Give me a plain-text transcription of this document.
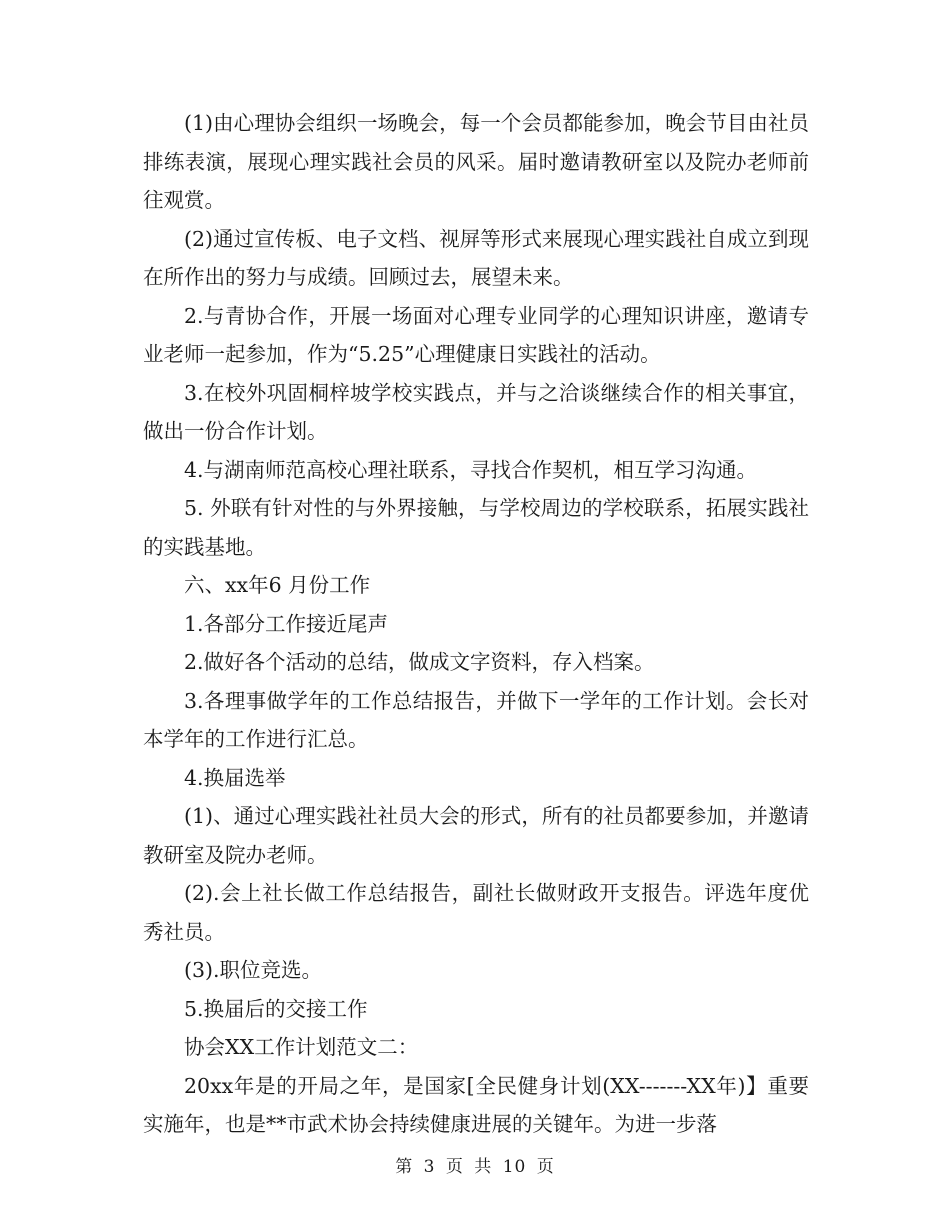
(1)由心理协会组织一场晚会，每一个会员都能参加，晚会节目由社员排练表演，展现心理实践社会员的风采。届时邀请教研室以及院办老师前往观赏。

(2)通过宣传板、电子文档、视屏等形式来展现心理实践社自成立到现在所作出的努力与成绩。回顾过去，展望未来。

2.与青协合作，开展一场面对心理专业同学的心理知识讲座，邀请专业老师一起参加，作为“5.25”心理健康日实践社的活动。

3.在校外巩固桐梓坡学校实践点，并与之洽谈继续合作的相关事宜，做出一份合作计划。

4.与湖南师范高校心理社联系，寻找合作契机，相互学习沟通。

5. 外联有针对性的与外界接触，与学校周边的学校联系，拓展实践社的实践基地。

六、xx年6 月份工作

1.各部分工作接近尾声

2.做好各个活动的总结，做成文字资料，存入档案。

3.各理事做学年的工作总结报告，并做下一学年的工作计划。会长对本学年的工作进行汇总。

4.换届选举

(1)、通过心理实践社社员大会的形式，所有的社员都要参加，并邀请教研室及院办老师。

(2).会上社长做工作总结报告，副社长做财政开支报告。评选年度优秀社员。

(3).职位竞选。

5.换届后的交接工作

协会XX工作计划范文二：

20xx年是的开局之年，是国家[全民健身计划(XX-------XX年)】重要实施年，也是**市武术协会持续健康进展的关键年。为进一步落

第 3 页 共 10 页
